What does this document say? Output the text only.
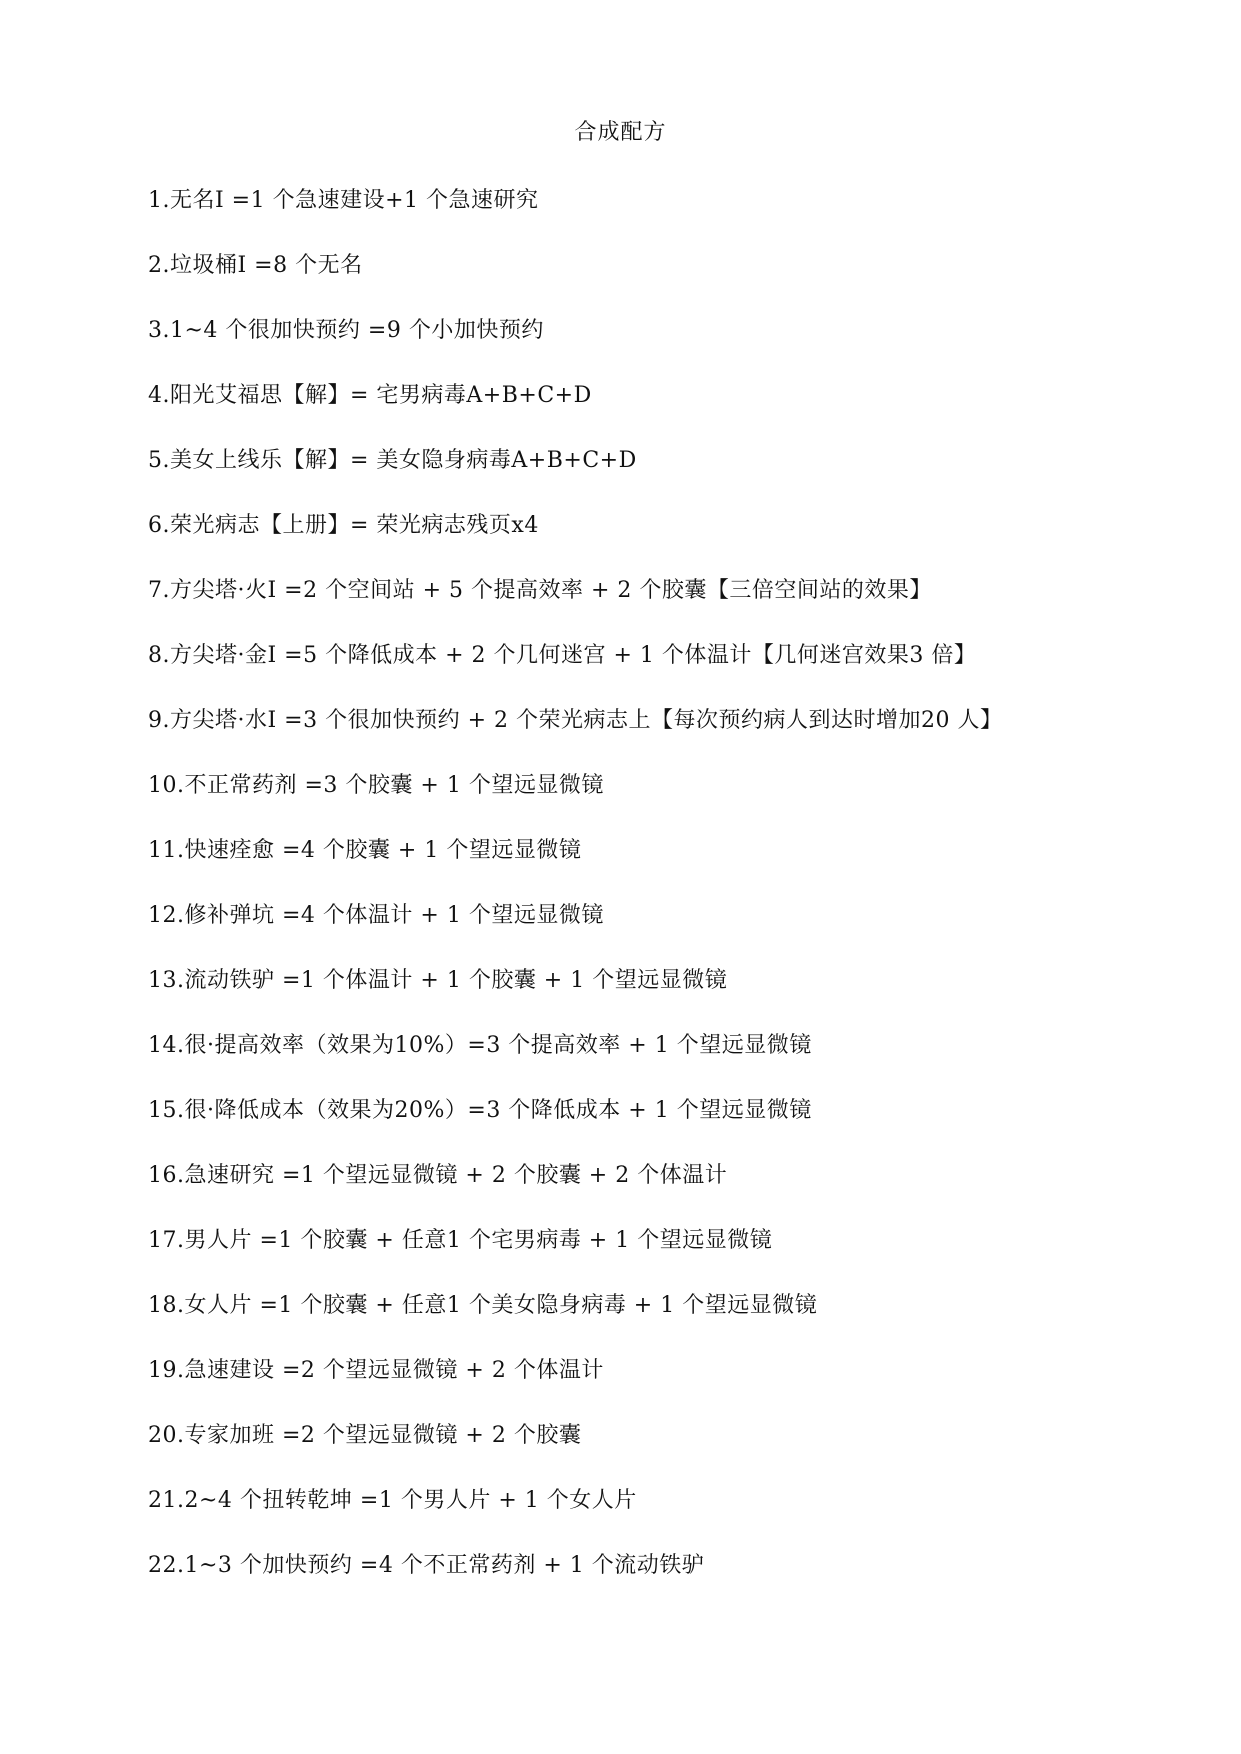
合成配方
1.无名Ⅰ =1 个急速建设+1 个急速研究
2.垃圾桶Ⅰ =8 个无名
3.1~4 个很加快预约 =9 个小加快预约
4.阳光艾福思【解】= 宅男病毒A+B+C+D
5.美女上线乐【解】= 美女隐身病毒A+B+C+D
6.荣光病志【上册】= 荣光病志残页x4
7.方尖塔·火Ⅰ =2 个空间站 + 5 个提高效率 + 2 个胶囊【三倍空间站的效果】
8.方尖塔·金Ⅰ =5 个降低成本 + 2 个几何迷宫 + 1 个体温计【几何迷宫效果3 倍】
9.方尖塔·水Ⅰ =3 个很加快预约 + 2 个荣光病志上【每次预约病人到达时增加20 人】
10.不正常药剂 =3 个胶囊 + 1 个望远显微镜
11.快速痊愈 =4 个胶囊 + 1 个望远显微镜
12.修补弹坑 =4 个体温计 + 1 个望远显微镜
13.流动铁驴 =1 个体温计 + 1 个胶囊 + 1 个望远显微镜
14.很·提高效率（效果为10%）=3 个提高效率 + 1 个望远显微镜
15.很·降低成本（效果为20%）=3 个降低成本 + 1 个望远显微镜
16.急速研究 =1 个望远显微镜 + 2 个胶囊 + 2 个体温计
17.男人片 =1 个胶囊 + 任意1 个宅男病毒 + 1 个望远显微镜
18.女人片 =1 个胶囊 + 任意1 个美女隐身病毒 + 1 个望远显微镜
19.急速建设 =2 个望远显微镜 + 2 个体温计
20.专家加班 =2 个望远显微镜 + 2 个胶囊
21.2~4 个扭转乾坤 =1 个男人片 + 1 个女人片
22.1~3 个加快预约 =4 个不正常药剂 + 1 个流动铁驴
